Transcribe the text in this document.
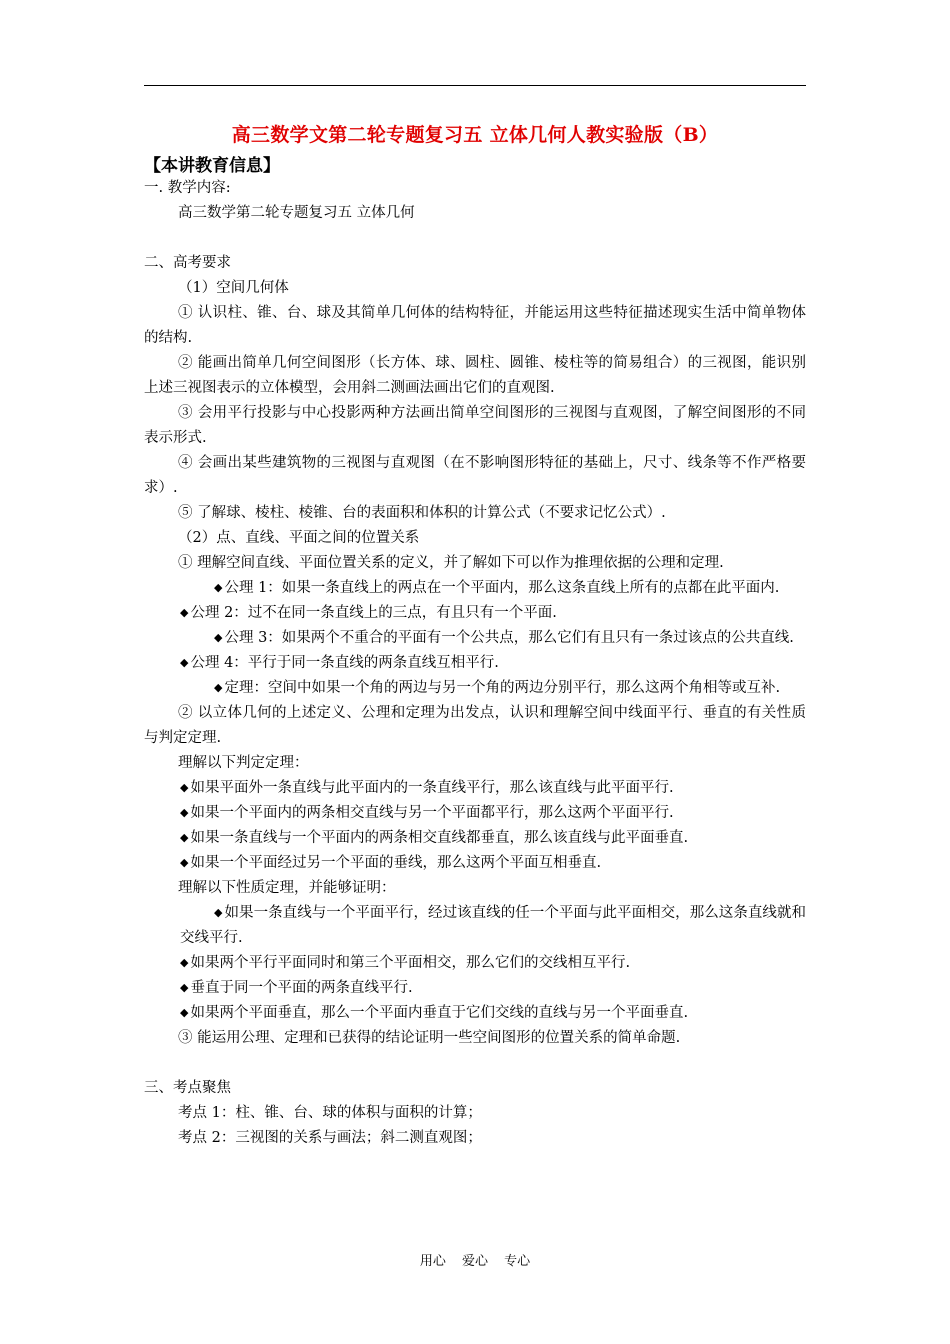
高三数学文第二轮专题复习五 立体几何人教实验版（B）
【本讲教育信息】
一. 教学内容:
高三数学第二轮专题复习五 立体几何
二、高考要求
（1）空间几何体
① 认识柱、锥、台、球及其简单几何体的结构特征，并能运用这些特征描述现实生活中简单物体的结构.
② 能画出简单几何空间图形（长方体、球、圆柱、圆锥、棱柱等的简易组合）的三视图，能识别上述三视图表示的立体模型，会用斜二测画法画出它们的直观图.
③ 会用平行投影与中心投影两种方法画出简单空间图形的三视图与直观图，了解空间图形的不同表示形式.
④ 会画出某些建筑物的三视图与直观图（在不影响图形特征的基础上，尺寸、线条等不作严格要求）.
⑤ 了解球、棱柱、棱锥、台的表面积和体积的计算公式（不要求记忆公式）.
（2）点、直线、平面之间的位置关系
① 理解空间直线、平面位置关系的定义，并了解如下可以作为推理依据的公理和定理.
◆ 公理 1：如果一条直线上的两点在一个平面内，那么这条直线上所有的点都在此平面内.
◆ 公理 2：过不在同一条直线上的三点，有且只有一个平面.
◆ 公理 3：如果两个不重合的平面有一个公共点，那么它们有且只有一条过该点的公共直线.
◆ 公理 4：平行于同一条直线的两条直线互相平行.
◆ 定理：空间中如果一个角的两边与另一个角的两边分别平行，那么这两个角相等或互补.
② 以立体几何的上述定义、公理和定理为出发点，认识和理解空间中线面平行、垂直的有关性质与判定定理.
理解以下判定定理：
◆ 如果平面外一条直线与此平面内的一条直线平行，那么该直线与此平面平行.
◆ 如果一个平面内的两条相交直线与另一个平面都平行，那么这两个平面平行.
◆ 如果一条直线与一个平面内的两条相交直线都垂直，那么该直线与此平面垂直.
◆ 如果一个平面经过另一个平面的垂线，那么这两个平面互相垂直.
理解以下性质定理，并能够证明：
◆ 如果一条直线与一个平面平行，经过该直线的任一个平面与此平面相交，那么这条直线就和交线平行.
◆ 如果两个平行平面同时和第三个平面相交，那么它们的交线相互平行.
◆ 垂直于同一个平面的两条直线平行.
◆ 如果两个平面垂直，那么一个平面内垂直于它们交线的直线与另一个平面垂直.
③ 能运用公理、定理和已获得的结论证明一些空间图形的位置关系的简单命题.
三、考点聚焦
考点 1：柱、锥、台、球的体积与面积的计算；
考点 2：三视图的关系与画法；斜二测直观图；
用心 爱心 专心
